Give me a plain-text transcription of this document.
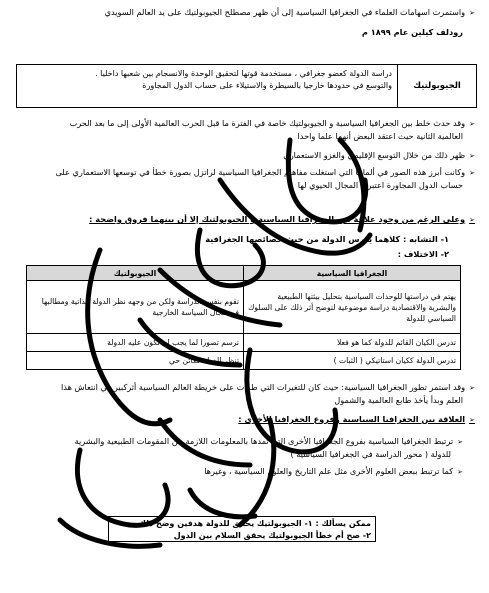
➢ واستمرت اسهامات العلماء في الجغرافيا السياسية إلى أن ظهر مصطلح الجيوبولتيك على يد العالم السويدي
رودلف كيلين عام ١٨٩٩ م
الجيوبولتيك
دراسة الدولة كعضو جغرافي ، مستخدمة قوتها لتحقيق الوحدة والانسجام بين شعبها داخليا .
والتوسع في حدودها خارجيا بالسيطرة والاستيلاء على حساب الدول المجاورة
➢ وقد حدث خلط بين الجغرافيا السياسية و الجيوبولتيك خاصة في الفترة ما قبل الحرب العالمية الأولى إلى ما بعد الحرب
العالمية الثانية حيث اعتقد البعض أنهما علما واحدا
➢ ظهر ذلك من خلال التوسع الإقليمي والغزو الاستعماري
➢ وكانت أبرز هذه الصور في ألمانيا التي استغلت مفاهيم الجغرافيا السياسية لراتزل بصورة خطأ في توسعها الاستعماري على
حساب الدول المجاورة اعتبرها المجال الحيوي لها
➢ وعلى الرغم من وجود علاقة بين الجغرافيا السياسية و الجيوبولتيك إلا أن بينهما فروق واضحة :
١- التشابه : كلاهما يدرس الدولة من حيث خصائصها الجغرافية
٢- الاختلاف :
الجغرافيا السياسية	الجيوبولتيك
يهتم في دراستها للوحدات السياسية بتحليل بيئتها الطبيعية والبشرية والاقتصادية دراسة موضوعية لتوضح أثر ذلك على السلوك السياسي للدولة	تقوم بنفس الدراسة ولكن من وجهه نظر الدولة الذاتية ومطالبها في مجال السياسة الخارجية
تدرس الكيان القائم للدولة كما هو فعلا	ترسم تصورا لما يجب ان تكون عليه الدولة
تدرس الدولة ككيان استاتيكي ( الثبات )	تنظر للدولة ككائن حي
➢ وقد استمر تطور الجغرافيا السياسية: حيث كان للتغيرات التي طرأت على خريطة العالم السياسية أثركبير في انتعاش هذا
العلم وبدأ يأخذ طابع العالمية والشمول
➢ العلاقة بين الجغرافيا السياسية وفروع الجغرافيا الأخرى :
➢ ترتبط الجغرافيا السياسية بفروع الجغرافيا الأخرى التي تمدها بالمعلومات اللازمة عن المقومات الطبيعية والبشرية
للدولة ( محور الدراسة في الجغرافيا السياسية )
➢ كما ترتبط ببعض العلوم الأخرى مثل علم التاريخ والعلوم السياسية ، وغيرها
ممكن يسألك : ١- الجيوبولتيك يحقق للدولة هدفين وضح ذلك
٢- صح أم خطأ الجيوبولتيك يحقق السلام بين الدول
